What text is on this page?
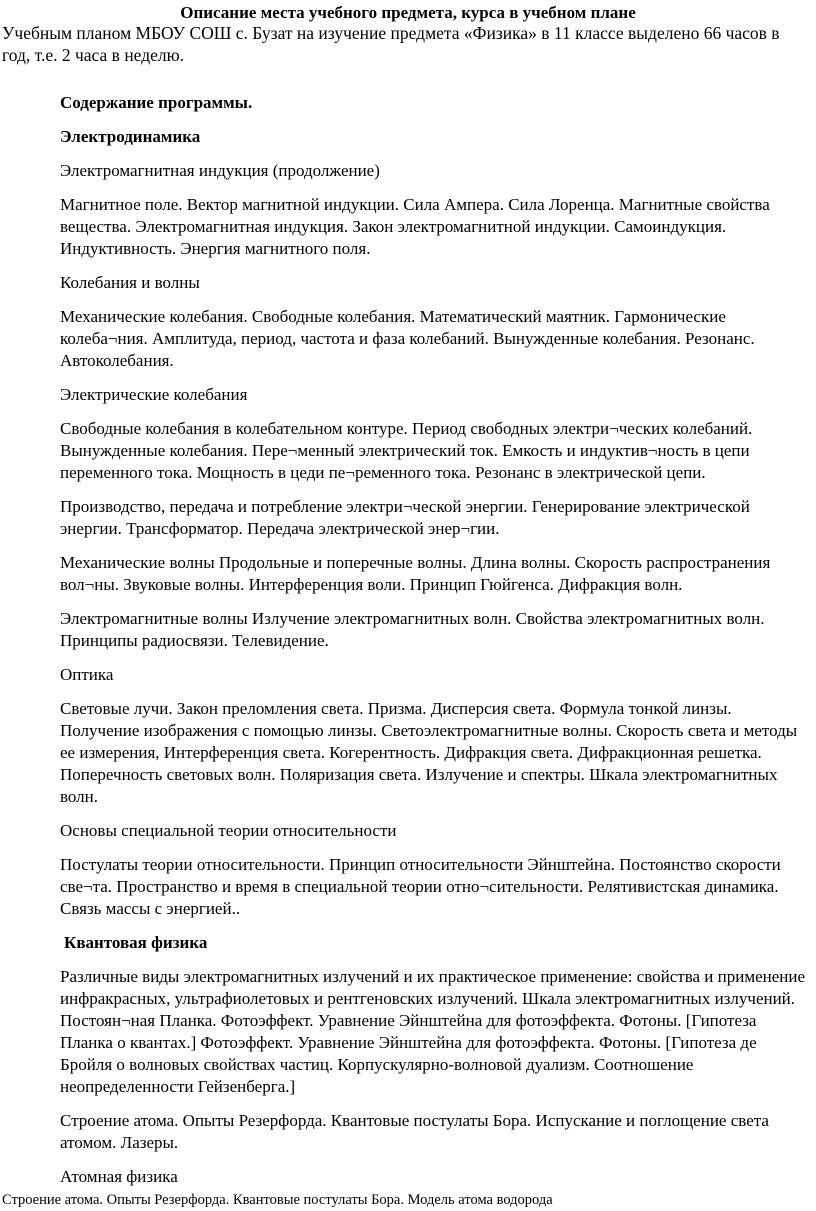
Описание места учебного предмета, курса в учебном плане
Учебным планом МБОУ СОШ с. Бузат на изучение предмета «Физика» в 11 классе выделено 66 часов в год, т.е. 2 часа в неделю.

Содержание программы.

Электродинамика

Электромагнитная индукция (продолжение)

Магнитное поле. Вектор магнитной индукции. Сила Ампера. Сила Лоренца. Магнитные свойства вещества. Электромагнитная индукция. Закон электромагнитной индукции. Самоиндукция. Индуктивность. Энергия магнитного поля.

Колебания и волны

Механические колебания. Свободные колебания. Математический маятник. Гармонические колеба¬ния. Амплитуда, период, частота и фаза колебаний. Вынужденные колебания. Резонанс. Автоколебания.

Электрические колебания

Свободные колебания в колебательном контуре. Период свободных электри¬ческих колебаний. Вынужденные колебания. Пере¬менный электрический ток. Емкость и индуктив¬ность в цепи переменного тока. Мощность в цеди пе¬ременного тока. Резонанс в электрической цепи.

Производство, передача и потребление электри¬ческой энергии. Генерирование электрической энергии. Трансформатор. Передача электрической энер¬гии.

Механические волны Продольные и поперечные волны. Длина волны. Скорость распространения вол¬ны. Звуковые волны. Интерференция воли. Принцип Гюйгенса. Дифракция волн.

Электромагнитные волны Излучение электромагнитных волн. Свойства электромагнитных волн. Принципы радиосвязи. Телевидение.

Оптика

Световые лучи. Закон преломления света. Призма. Дисперсия света. Формула тонкой линзы. Получение изображения с помощью линзы. Светоэлектромагнитные волны. Скорость света и методы ее измерения, Интерференция света. Когерентность. Дифракция света. Дифракционная решетка. Поперечность световых волн. Поляризация света. Излучение и спектры. Шкала электромагнитных волн.

Основы специальной теории относительности

Постулаты теории относительности. Принцип относительности Эйнштейна. Постоянство скорости све¬та. Пространство и время в специальной теории отно¬сительности. Релятивистская динамика. Связь массы с энергией..

Квантовая физика

Различные виды электромагнитных излучений и их практическое применение: свойства и применение инфракрасных, ультрафиолетовых и рентгеновских излучений. Шкала электромагнитных излучений. Постоян¬ная Планка. Фотоэффект. Уравнение Эйнштейна для фотоэффекта. Фотоны. [Гипотеза Планка о квантах.] Фотоэффект. Уравнение Эйнштейна для фотоэффекта. Фотоны. [Гипотеза де Бройля о волновых свойствах частиц. Корпускулярно-волновой дуализм. Соотношение неопределенности Гейзенберга.]

Строение атома. Опыты Резерфорда. Квантовые постулаты Бора. Испускание и поглощение света атомом. Лазеры.

Атомная физика

Строение атома. Опыты Резерфорда. Квантовые постулаты Бора. Модель атома водорода
